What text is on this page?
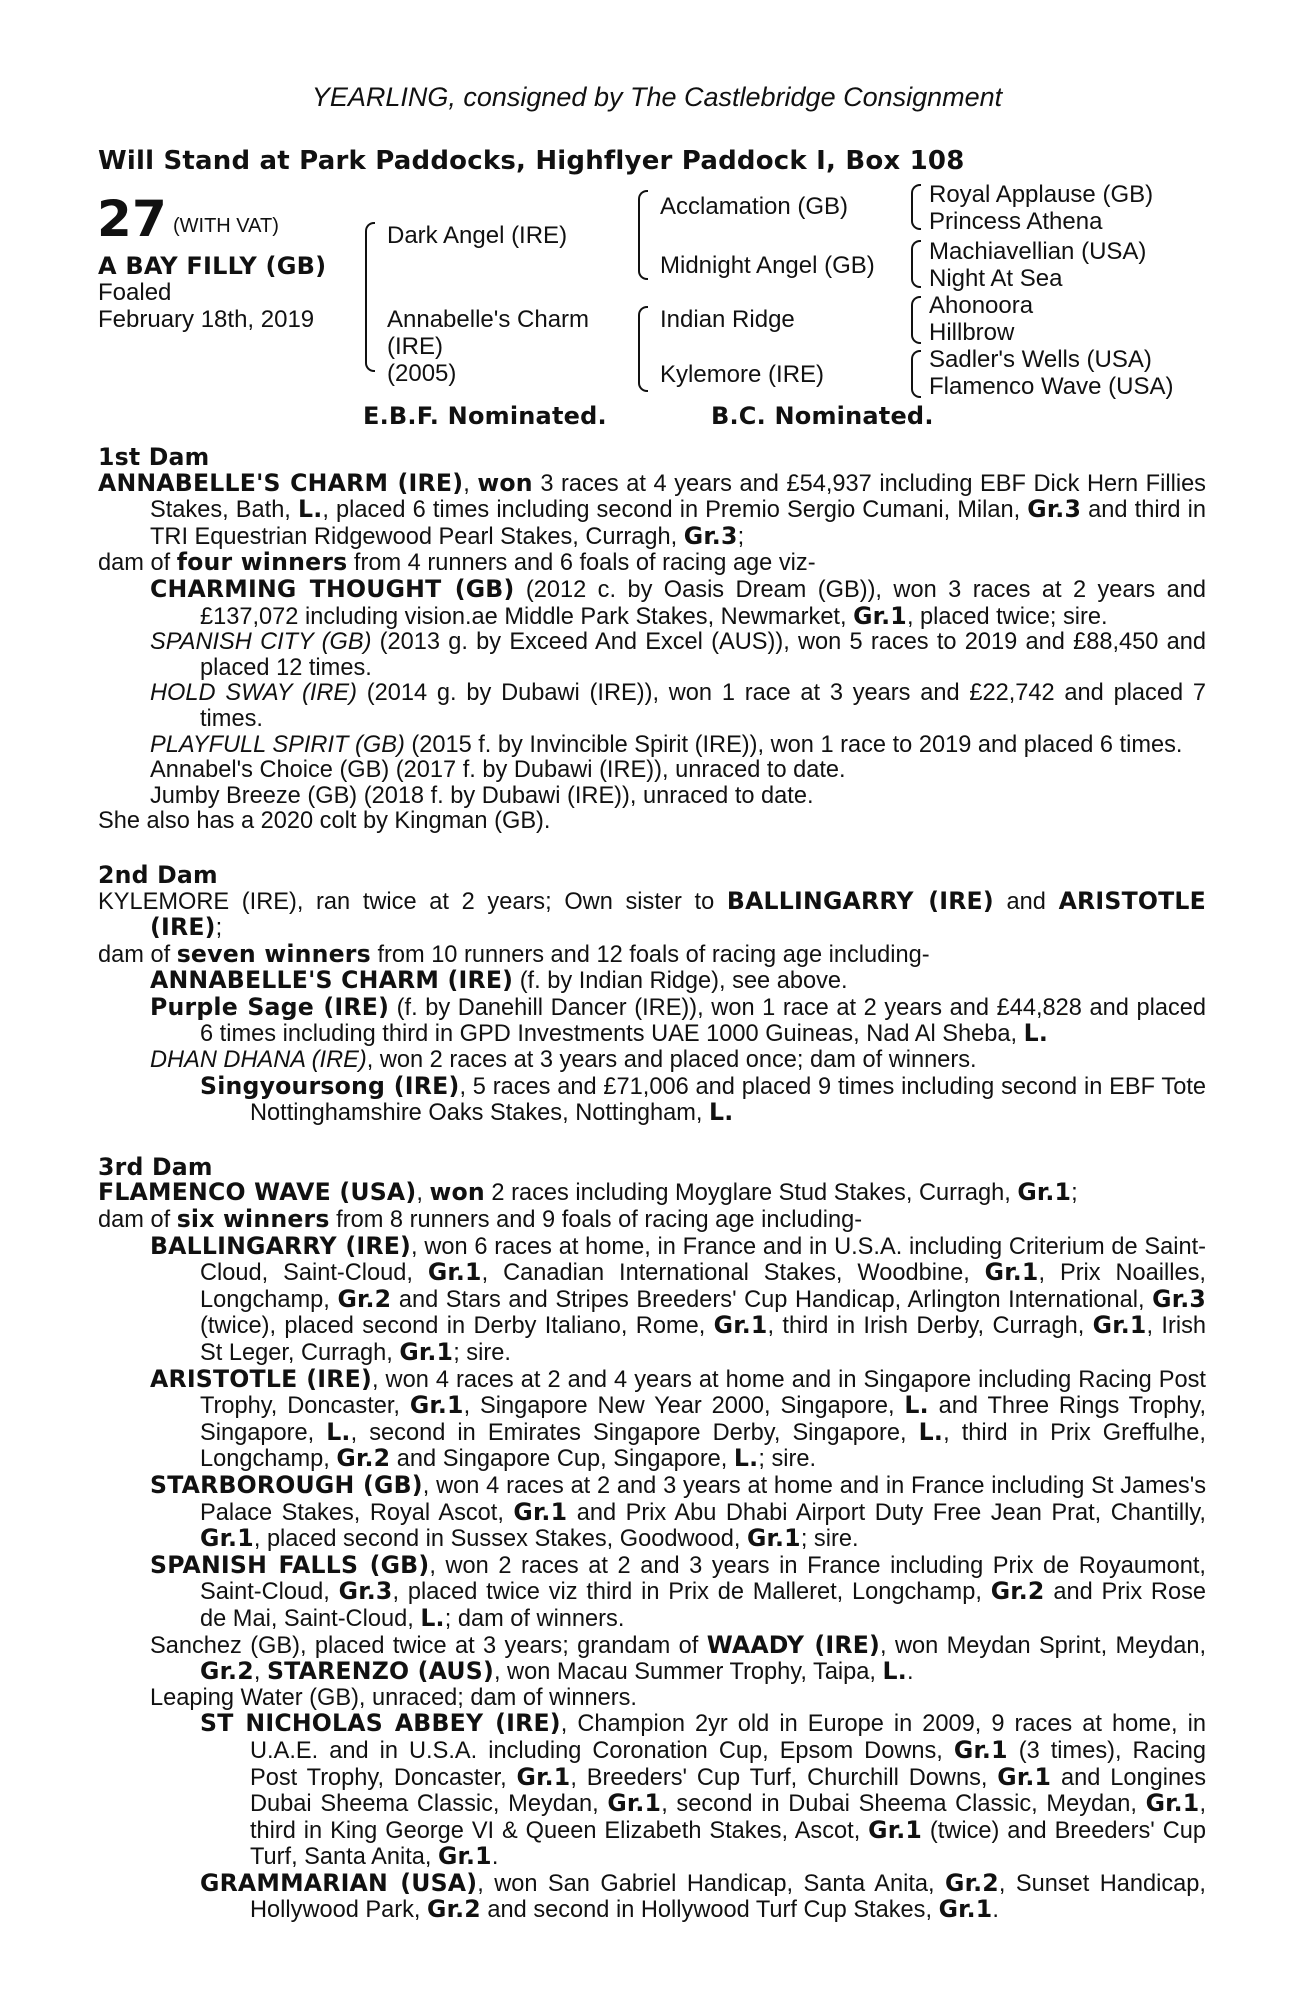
YEARLING, consigned by The Castlebridge Consignment
Will Stand at Park Paddocks, Highflyer Paddock I, Box 108
27 (WITH VAT)
A BAY FILLY (GB)
Foaled
February 18th, 2019
Dark Angel (IRE)
Annabelle's Charm
(IRE)
(2005)
Acclamation (GB)
Midnight Angel (GB)
Indian Ridge
Kylemore (IRE)
Royal Applause (GB)
Princess Athena
Machiavellian (USA)
Night At Sea
Ahonoora
Hillbrow
Sadler's Wells (USA)
Flamenco Wave (USA)
E.B.F. Nominated.	B.C. Nominated.
1st Dam
ANNABELLE'S CHARM (IRE), won 3 races at 4 years and £54,937 including EBF Dick Hern Fillies Stakes, Bath, L., placed 6 times including second in Premio Sergio Cumani, Milan, Gr.3 and third in TRI Equestrian Ridgewood Pearl Stakes, Curragh, Gr.3;
dam of four winners from 4 runners and 6 foals of racing age viz-
CHARMING THOUGHT (GB) (2012 c. by Oasis Dream (GB)), won 3 races at 2 years and £137,072 including vision.ae Middle Park Stakes, Newmarket, Gr.1, placed twice; sire.
SPANISH CITY (GB) (2013 g. by Exceed And Excel (AUS)), won 5 races to 2019 and £88,450 and placed 12 times.
HOLD SWAY (IRE) (2014 g. by Dubawi (IRE)), won 1 race at 3 years and £22,742 and placed 7 times.
PLAYFULL SPIRIT (GB) (2015 f. by Invincible Spirit (IRE)), won 1 race to 2019 and placed 6 times.
Annabel's Choice (GB) (2017 f. by Dubawi (IRE)), unraced to date.
Jumby Breeze (GB) (2018 f. by Dubawi (IRE)), unraced to date.
She also has a 2020 colt by Kingman (GB).
2nd Dam
KYLEMORE (IRE), ran twice at 2 years; Own sister to BALLINGARRY (IRE) and ARISTOTLE (IRE);
dam of seven winners from 10 runners and 12 foals of racing age including-
ANNABELLE'S CHARM (IRE) (f. by Indian Ridge), see above.
Purple Sage (IRE) (f. by Danehill Dancer (IRE)), won 1 race at 2 years and £44,828 and placed 6 times including third in GPD Investments UAE 1000 Guineas, Nad Al Sheba, L.
DHAN DHANA (IRE), won 2 races at 3 years and placed once; dam of winners.
Singyoursong (IRE), 5 races and £71,006 and placed 9 times including second in EBF Tote Nottinghamshire Oaks Stakes, Nottingham, L.
3rd Dam
FLAMENCO WAVE (USA), won 2 races including Moyglare Stud Stakes, Curragh, Gr.1;
dam of six winners from 8 runners and 9 foals of racing age including-
BALLINGARRY (IRE), won 6 races at home, in France and in U.S.A. including Criterium de Saint-Cloud, Saint-Cloud, Gr.1, Canadian International Stakes, Woodbine, Gr.1, Prix Noailles, Longchamp, Gr.2 and Stars and Stripes Breeders' Cup Handicap, Arlington International, Gr.3 (twice), placed second in Derby Italiano, Rome, Gr.1, third in Irish Derby, Curragh, Gr.1, Irish St Leger, Curragh, Gr.1; sire.
ARISTOTLE (IRE), won 4 races at 2 and 4 years at home and in Singapore including Racing Post Trophy, Doncaster, Gr.1, Singapore New Year 2000, Singapore, L. and Three Rings Trophy, Singapore, L., second in Emirates Singapore Derby, Singapore, L., third in Prix Greffulhe, Longchamp, Gr.2 and Singapore Cup, Singapore, L.; sire.
STARBOROUGH (GB), won 4 races at 2 and 3 years at home and in France including St James's Palace Stakes, Royal Ascot, Gr.1 and Prix Abu Dhabi Airport Duty Free Jean Prat, Chantilly, Gr.1, placed second in Sussex Stakes, Goodwood, Gr.1; sire.
SPANISH FALLS (GB), won 2 races at 2 and 3 years in France including Prix de Royaumont, Saint-Cloud, Gr.3, placed twice viz third in Prix de Malleret, Longchamp, Gr.2 and Prix Rose de Mai, Saint-Cloud, L.; dam of winners.
Sanchez (GB), placed twice at 3 years; grandam of WAADY (IRE), won Meydan Sprint, Meydan, Gr.2, STARENZO (AUS), won Macau Summer Trophy, Taipa, L..
Leaping Water (GB), unraced; dam of winners.
ST NICHOLAS ABBEY (IRE), Champion 2yr old in Europe in 2009, 9 races at home, in U.A.E. and in U.S.A. including Coronation Cup, Epsom Downs, Gr.1 (3 times), Racing Post Trophy, Doncaster, Gr.1, Breeders' Cup Turf, Churchill Downs, Gr.1 and Longines Dubai Sheema Classic, Meydan, Gr.1, second in Dubai Sheema Classic, Meydan, Gr.1, third in King George VI & Queen Elizabeth Stakes, Ascot, Gr.1 (twice) and Breeders' Cup Turf, Santa Anita, Gr.1.
GRAMMARIAN (USA), won San Gabriel Handicap, Santa Anita, Gr.2, Sunset Handicap, Hollywood Park, Gr.2 and second in Hollywood Turf Cup Stakes, Gr.1.
